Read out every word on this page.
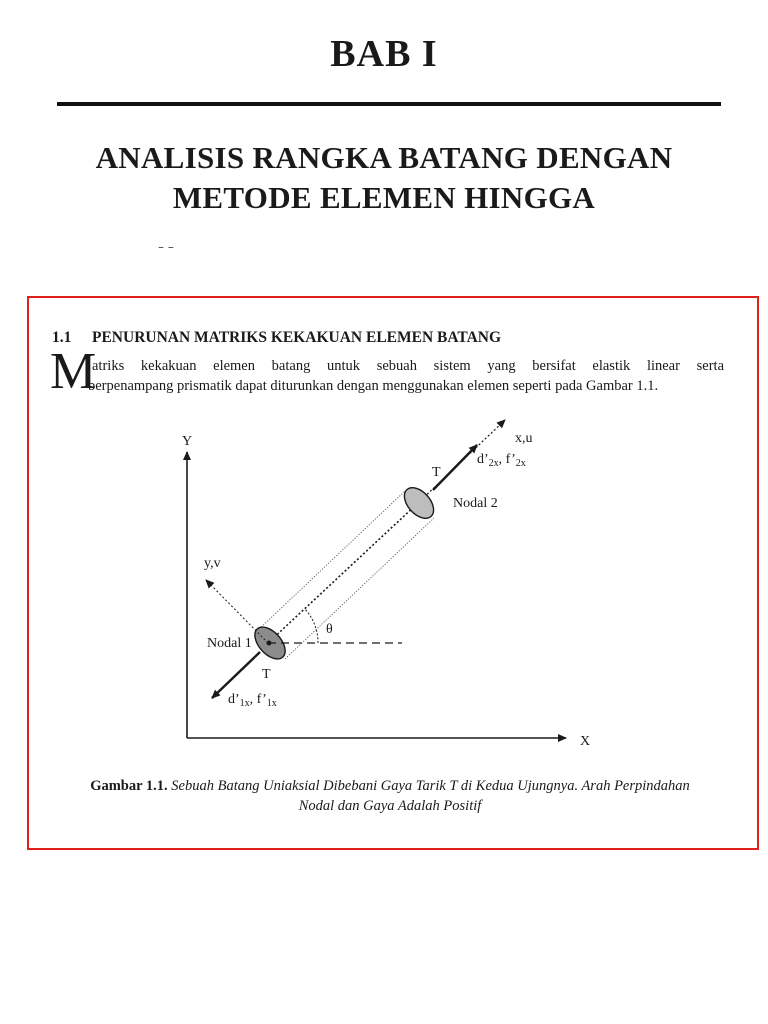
BAB I
ANALISIS RANGKA BATANG DENGAN
METODE ELEMEN HINGGA
– –
1.1 PENURUNAN MATRIKS KEKAKUAN ELEMEN BATANG
M
atriks kekakuan elemen batang untuk sebuah sistem yang bersifat elastik linear serta
berpenampang prismatik dapat diturunkan dengan menggunakan elemen seperti pada Gambar 1.1.
Y
X
x,u
y,v
Nodal 2
Nodal 1
θ
T
T
$d’_{2x}$, $f’_{2x}$
$d’_{1x}$, $f’_{1x}$
Gambar 1.1. Sebuah Batang Uniaksial Dibebani Gaya Tarik T di Kedua Ujungnya. Arah Perpindahan
Nodal dan Gaya Adalah Positif
